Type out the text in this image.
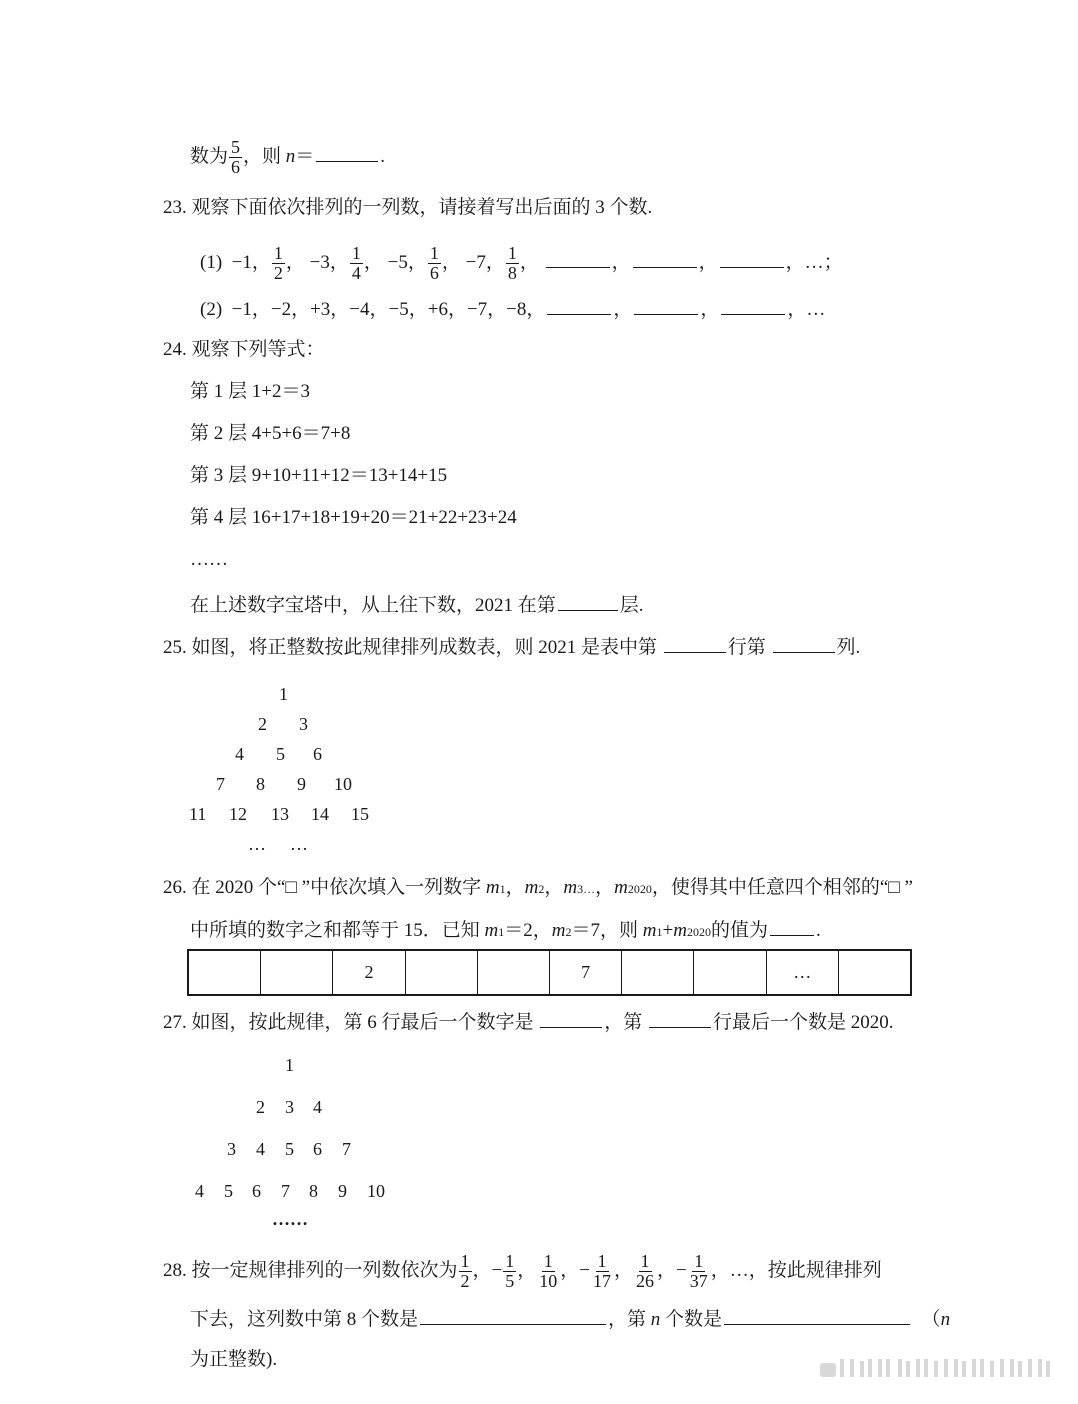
数为 $\frac{5}{6}$ ，则 n＝	.
23. 观察下面依次排列的一列数，请接着写出后面的 3 个数.
(1) −1， $\frac{1}{2}$ ， −3， $\frac{1}{4}$ ， −5， $\frac{1}{6}$ ， −7， $\frac{1}{8}$ ，	，	，	，…；
(2) −1，−2，+3，−4，−5，+6，−7，−8，	，	，	，…
24. 观察下列等式：
第 1 层 1+2＝3
第 2 层 4+5+6＝7+8
第 3 层 9+10+11+12＝13+14+15
第 4 层 16+17+18+19+20＝21+22+23+24
……
在上述数字宝塔中，从上往下数，2021 在第	层.
25. 如图，将正整数按此规律排列成数表，则 2021 是表中第	行第	列.
1
2 3
4 5 6
7 8 9 10
11 12 13 14 15
… …
26. 在 2020 个“□ ”中依次填入一列数字 m1，m2，m3…，m2020，使得其中任意四个相邻的“□ ”
中所填的数字之和都等于 15．已知 m1＝2，m2＝7，则 m1+m2020的值为	.
2	7	…
27. 如图，按此规律，第 6 行最后一个数字是	，第	行最后一个数是 2020.
1
2 3 4
3 4 5 6 7
4 5 6 7 8 9 10
……
28. 按一定规律排列的一列数依次为 $\frac{1}{2}$ ，− $\frac{1}{5}$ ， $\frac{1}{10}$ ，− $\frac{1}{17}$ ， $\frac{1}{26}$ ，− $\frac{1}{37}$ ，…，按此规律排列
下去，这列数中第 8 个数是	，第 n 个数是	（n
为正整数).
